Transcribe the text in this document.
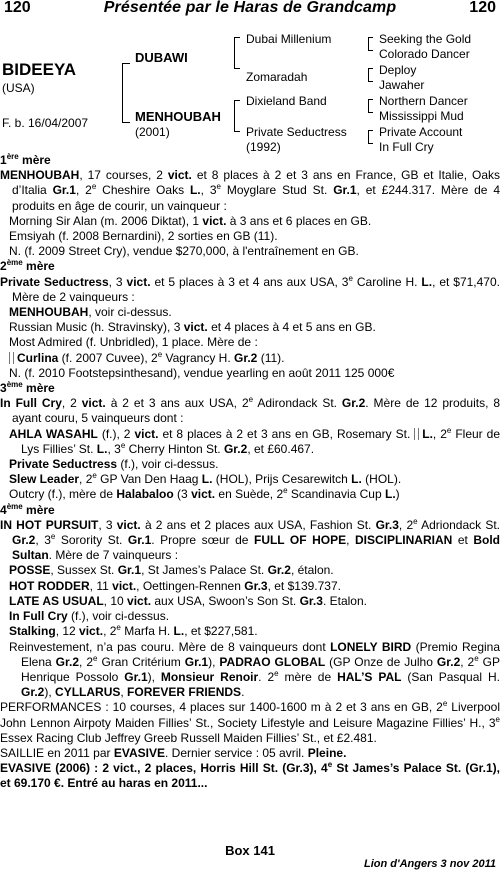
120	Présentée par le Haras de Grandcamp	120
BIDEEYA
(USA)
F. b. 16/04/2007
DUBAWI
MENHOUBAH
(2001)
Dubai Millenium
Zomaradah
Dixieland Band
Private Seductress
(1992)
Seeking the Gold
Colorado Dancer
Deploy
Jawaher
Northern Dancer
Mississippi Mud
Private Account
In Full Cry
1ère mère
MENHOUBAH, 17 courses, 2 vict. et 8 places à 2 et 3 ans en France, GB et Italie, Oaks d’Italia Gr.1, 2e Cheshire Oaks L., 3e Moyglare Stud St. Gr.1, et £244.317. Mère de 4 produits en âge de courir, un vainqueur :
Morning Sir Alan (m. 2006 Diktat), 1 vict. à 3 ans et 6 places en GB.
Emsiyah (f. 2008 Bernardini), 2 sorties en GB (11).
N. (f. 2009 Street Cry), vendue $270,000, à l'entraînement en GB.
2ème mère
Private Seductress, 3 vict. et 5 places à 3 et 4 ans aux USA, 3e Caroline H. L., et $71,470. Mère de 2 vainqueurs :
MENHOUBAH, voir ci-dessus.
Russian Music (h. Stravinsky), 3 vict. et 4 places à 4 et 5 ans en GB.
Most Admired (f. Unbridled), 1 place. Mère de :
Curlina (f. 2007 Cuvee), 2e Vagrancy H. Gr.2 (11).
N. (f. 2010 Footstepsinthesand), vendue yearling en août 2011 125 000€
3ème mère
In Full Cry, 2 vict. à 2 et 3 ans aux USA, 2e Adirondack St. Gr.2. Mère de 12 produits, 8 ayant couru, 5 vainqueurs dont :
AHLA WASAHL (f.), 2 vict. et 8 places à 2 et 3 ans en GB, Rosemary St. L., 2e Fleur de Lys Fillies’ St. L., 3e Cherry Hinton St. Gr.2, et £60.467.
Private Seductress (f.), voir ci-dessus.
Slew Leader, 2e GP Van Den Haag L. (HOL), Prijs Cesarewitch L. (HOL).
Outcry (f.), mère de Halabaloo (3 vict. en Suède, 2e Scandinavia Cup L.)
4ème mère
IN HOT PURSUIT, 3 vict. à 2 ans et 2 places aux USA, Fashion St. Gr.3, 2e Adriondack St. Gr.2, 3e Sorority St. Gr.1. Propre sœur de FULL OF HOPE, DISCIPLINARIAN et Bold Sultan. Mère de 7 vainqueurs :
POSSE, Sussex St. Gr.1, St James’s Palace St. Gr.2, étalon.
HOT RODDER, 11 vict., Oettingen-Rennen Gr.3, et $139.737.
LATE AS USUAL, 10 vict. aux USA, Swoon’s Son St. Gr.3. Etalon.
In Full Cry (f.), voir ci-dessus.
Stalking, 12 vict., 2e Marfa H. L., et $227,581.
Reinvestement, n’a pas couru. Mère de 8 vainqueurs dont LONELY BIRD (Premio Regina Elena Gr.2, 2e Gran Critérium Gr.1), PADRAO GLOBAL (GP Onze de Julho Gr.2, 2e GP Henrique Possolo Gr.1), Monsieur Renoir. 2e mère de HAL’S PAL (San Pasqual H. Gr.2), CYLLARUS, FOREVER FRIENDS.
PERFORMANCES : 10 courses, 4 places sur 1400-1600 m à 2 et 3 ans en GB, 2e Liverpool John Lennon Airpoty Maiden Fillies’ St., Society Lifestyle and Leisure Magazine Fillies’ H., 3e Essex Racing Club Jeffrey Greeb Russell Maiden Fillies’ St., et £2.481.
SAILLIE en 2011 par EVASIVE. Dernier service : 05 avril. Pleine.
EVASIVE (2006) : 2 vict., 2 places, Horris Hill St. (Gr.3), 4e St James’s Palace St. (Gr.1), et 69.170 €. Entré au haras en 2011...
Box 141
Lion d'Angers 3 nov 2011
